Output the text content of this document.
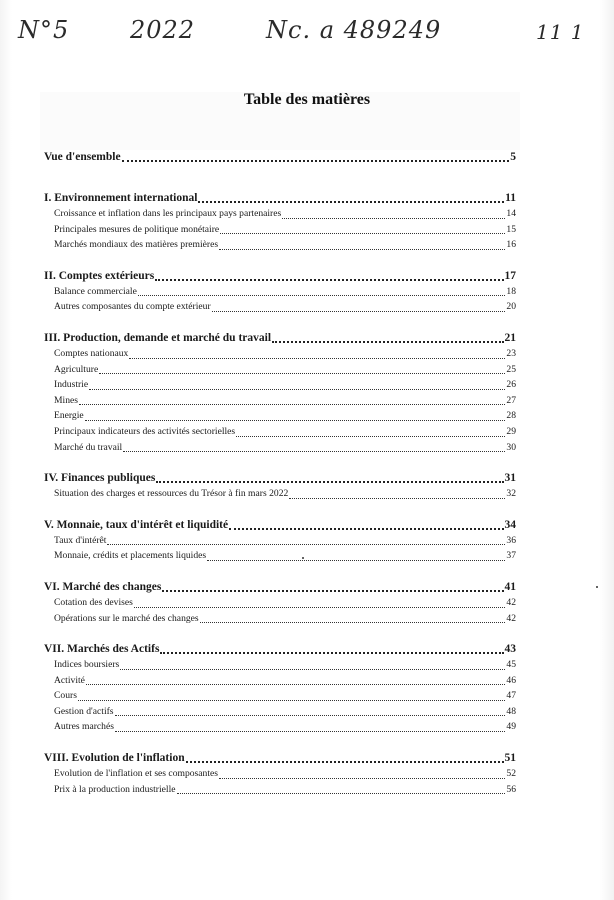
N°5	2022	Nc. a 489249	11 1
Table des matières
Vue d'ensemble	5
I. Environnement international	11
Croissance et inflation dans les principaux pays partenaires	14
Principales mesures de politique monétaire	15
Marchés mondiaux des matières premières	16
II. Comptes extérieurs	17
Balance commerciale	18
Autres composantes du compte extérieur	20
III. Production, demande et marché du travail	21
Comptes nationaux	23
Agriculture	25
Industrie	26
Mines	27
Energie	28
Principaux indicateurs des activités sectorielles	29
Marché du travail	30
IV. Finances publiques	31
Situation des charges et ressources du Trésor à fin mars 2022	32
V. Monnaie, taux d'intérêt et liquidité	34
Taux d'intérêt	36
Monnaie, crédits et placements liquides	37
VI. Marché des changes	41
Cotation des devises	42
Opérations sur le marché des changes	42
VII. Marchés des Actifs	43
Indices boursiers	45
Activité	46
Cours	47
Gestion d'actifs	48
Autres marchés	49
VIII. Evolution de l'inflation	51
Evolution de l'inflation et ses composantes	52
Prix à la production industrielle	56
